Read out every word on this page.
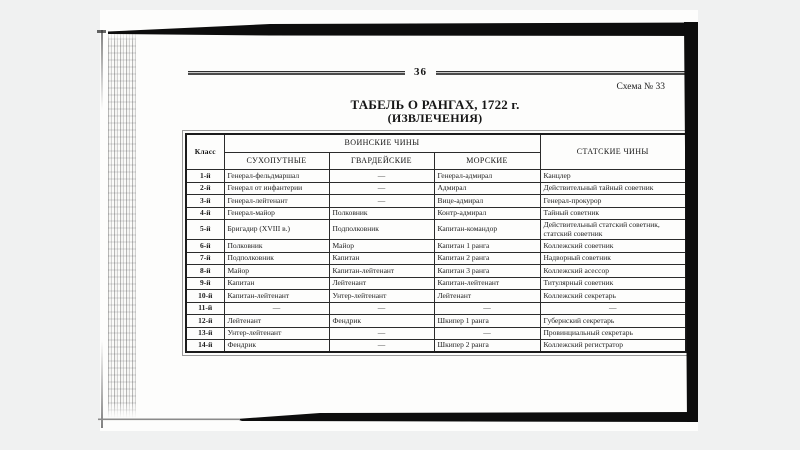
36
Схема № 33
ТАБЕЛЬ О РАНГАХ, 1722 г.
(ИЗВЛЕЧЕНИЯ)
Класс	ВОИНСКИЕ ЧИНЫ			СТАТСКИЕ ЧИНЫ
	СУХОПУТНЫЕ	ГВАРДЕЙСКИЕ	МОРСКИЕ	
1-й	Генерал-фельдмаршал	—	Генерал-адмирал	Канцлер
2-й	Генерал от инфантерии	—	Адмирал	Действительный тайный советник
3-й	Генерал-лейтенант	—	Вице-адмирал	Генерал-прокурор
4-й	Генерал-майор	Полковник	Контр-адмирал	Тайный советник
5-й	Бригадир (XVIII в.)	Подполковник	Капитан-командор	Действительный статский советник, статский советник
6-й	Полковник	Майор	Капитан 1 ранга	Коллежский советник
7-й	Подполковник	Капитан	Капитан 2 ранга	Надворный советник
8-й	Майор	Капитан-лейтенант	Капитан 3 ранга	Коллежский асессор
9-й	Капитан	Лейтенант	Капитан-лейтенант	Титулярный советник
10-й	Капитан-лейтенант	Унтер-лейтенант	Лейтенант	Коллежский секретарь
11-й	—	—	—	—
12-й	Лейтенант	Фендрик	Шкипер 1 ранга	Губернский секретарь
13-й	Унтер-лейтенант	—	—	Провинциальный секретарь
14-й	Фендрик	—	Шкипер 2 ранга	Коллежский регистратор
